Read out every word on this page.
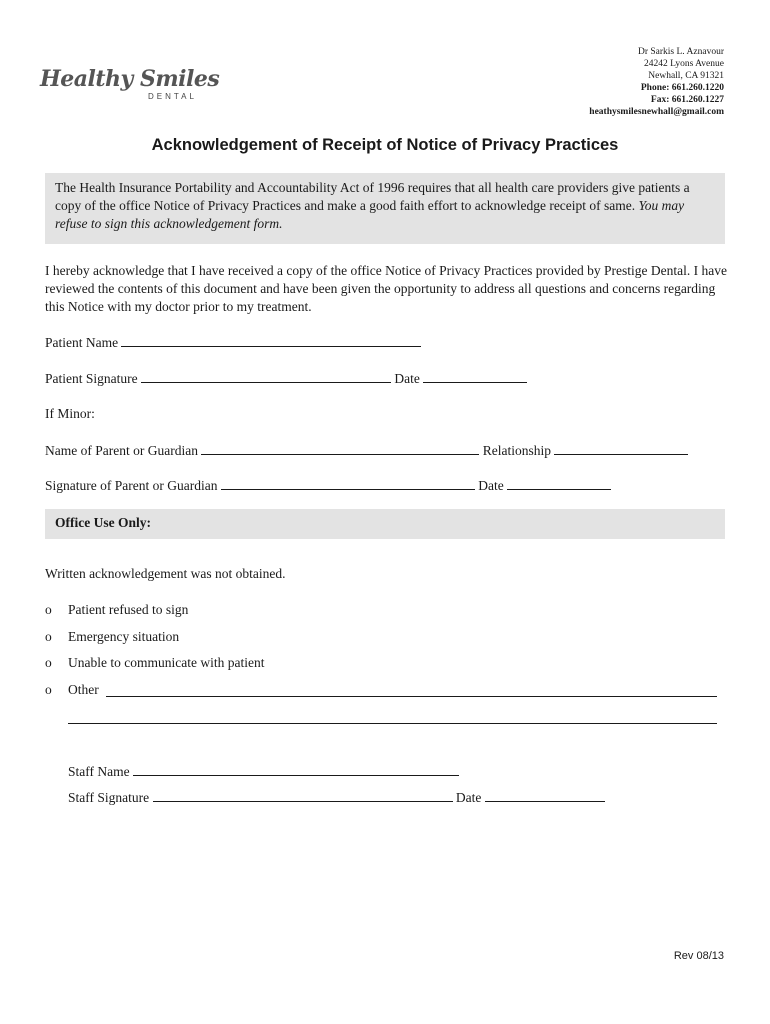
Healthy Smiles
DENTAL
Dr Sarkis L. Aznavour
24242 Lyons Avenue
Newhall, CA 91321
Phone: 661.260.1220
Fax: 661.260.1227
heathysmilesnewhall@gmail.com
Acknowledgement of Receipt of Notice of Privacy Practices

The Health Insurance Portability and Accountability Act of 1996 requires that all health care providers give patients a copy of the office Notice of Privacy Practices and make a good faith effort to acknowledge receipt of same. You may refuse to sign this acknowledgement form.

I hereby acknowledge that I have received a copy of the office Notice of Privacy Practices provided by Prestige Dental. I have reviewed the contents of this document and have been given the opportunity to address all questions and concerns regarding this Notice with my doctor prior to my treatment.

Patient Name
Patient Signature	Date
If Minor:
Name of Parent or Guardian	Relationship
Signature of Parent or Guardian	Date
Office Use Only:
Written acknowledgement was not obtained.
o Patient refused to sign
o Emergency situation
o Unable to communicate with patient
o Other
Staff Name
Staff Signature	Date
Rev 08/13
